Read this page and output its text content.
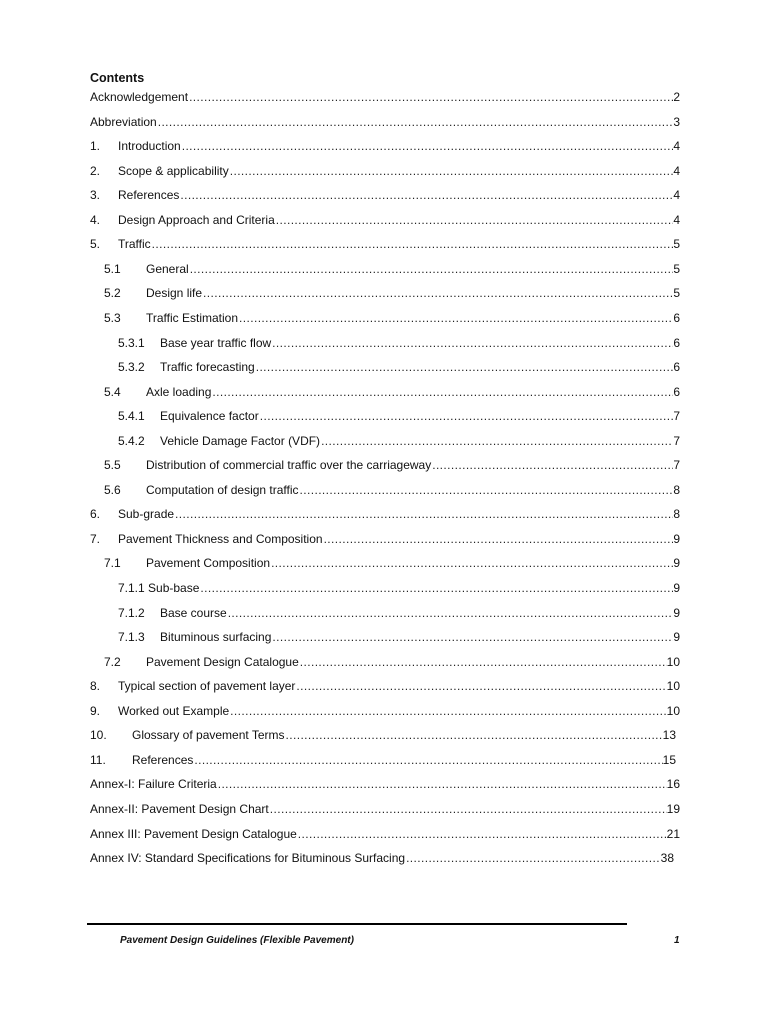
Contents
Acknowledgement .....	2
Abbreviation .....	3
1. Introduction .....	4
2. Scope & applicability .....	4
3. References .....	4
4. Design Approach and Criteria .....	4
5. Traffic .....	5
5.1 General .....	5
5.2 Design life .....	5
5.3 Traffic Estimation .....	6
5.3.1 Base year traffic flow .....	6
5.3.2 Traffic forecasting .....	6
5.4 Axle loading .....	6
5.4.1 Equivalence factor .....	7
5.4.2 Vehicle Damage Factor (VDF) .....	7
5.5 Distribution of commercial traffic over the carriageway .....	7
5.6 Computation of design traffic .....	8
6. Sub-grade .....	8
7. Pavement Thickness and Composition .....	9
7.1 Pavement Composition .....	9
7.1.1 Sub-base .....	9
7.1.2 Base course .....	9
7.1.3 Bituminous surfacing .....	9
7.2 Pavement Design Catalogue .....	10
8. Typical section of pavement layer .....	10
9. Worked out Example .....	10
10. Glossary of pavement Terms .....	13
11. References .....	15
Annex-I: Failure Criteria .....	16
Annex-II: Pavement Design Chart .....	19
Annex III: Pavement Design Catalogue .....	21
Annex IV: Standard Specifications for Bituminous Surfacing .....	38
Pavement Design Guidelines (Flexible Pavement)	1
